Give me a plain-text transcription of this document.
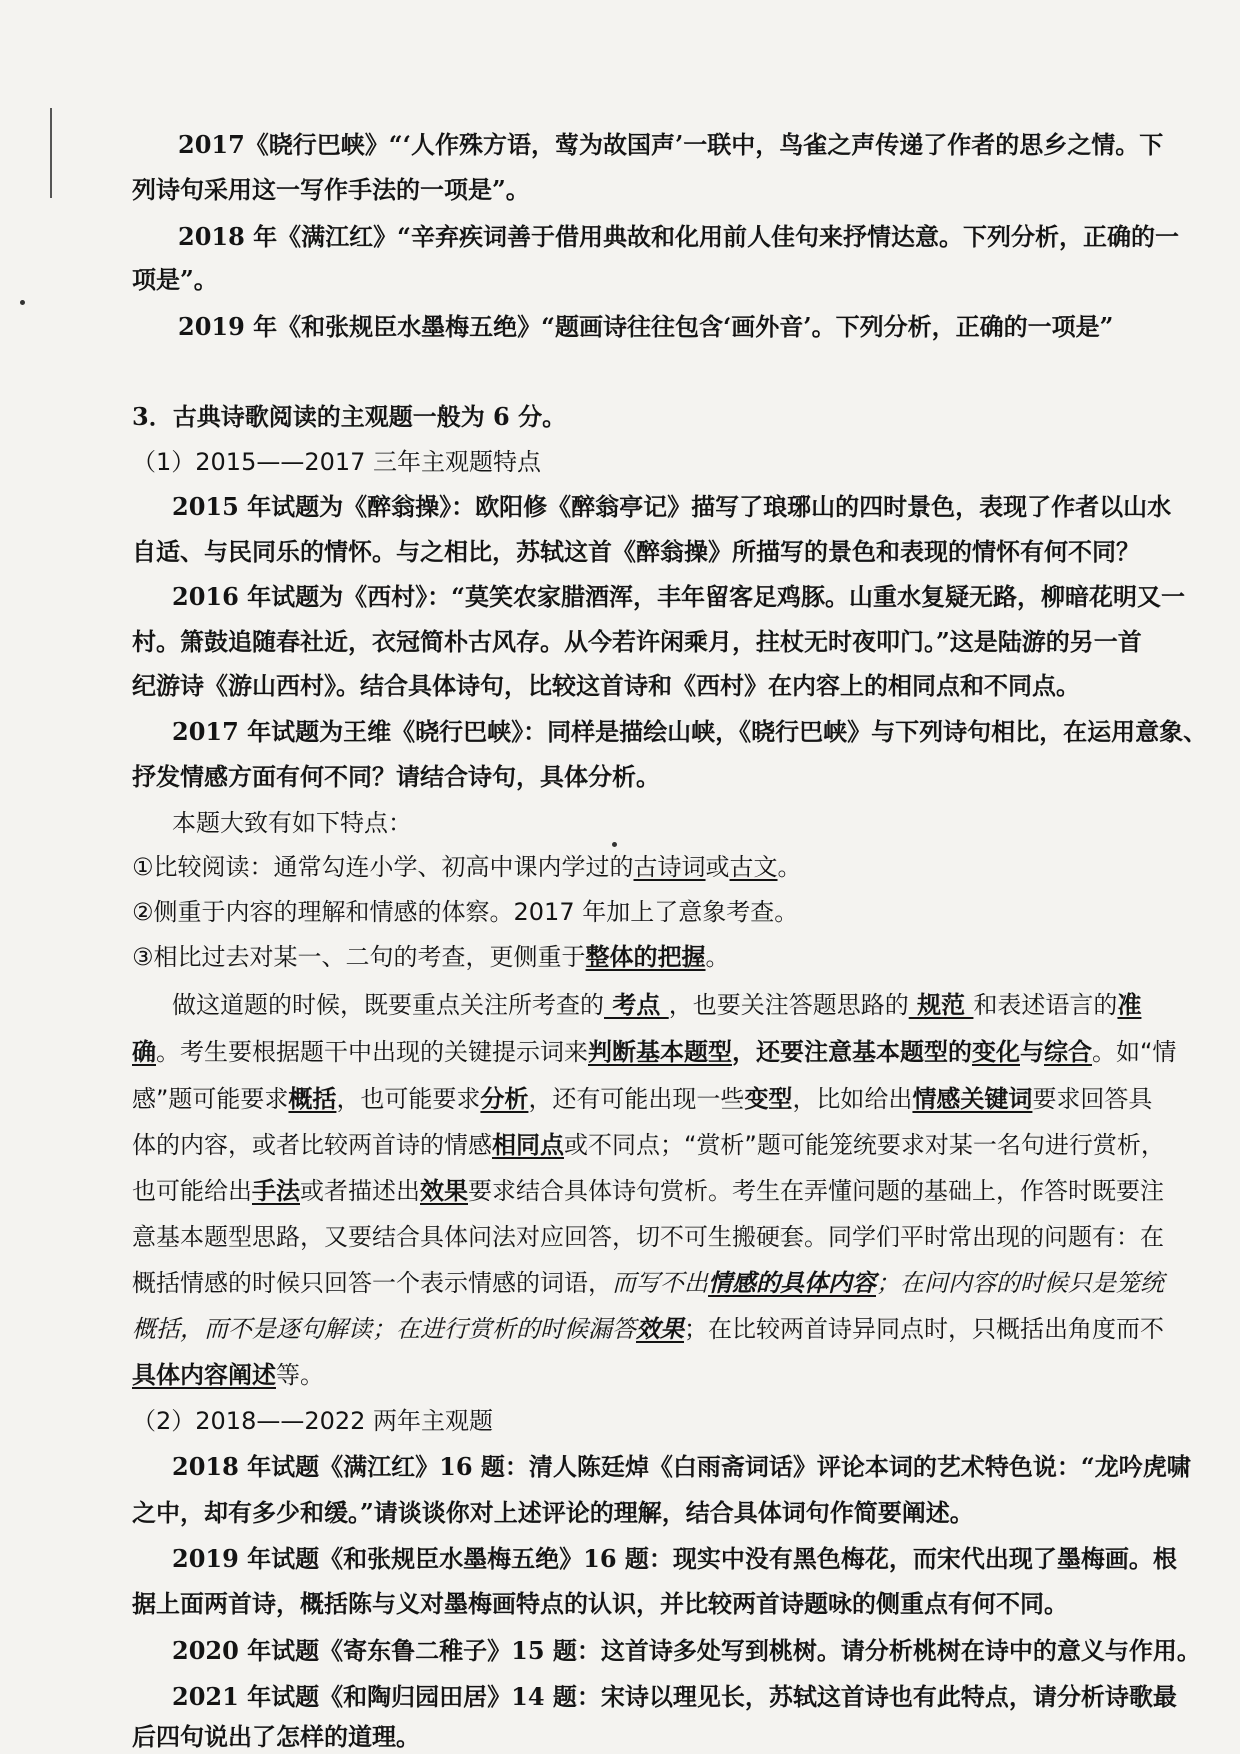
2017《晓行巴峡》“‘人作殊方语，莺为故国声’一联中，鸟雀之声传递了作者的思乡之情。下

列诗句采用这一写作手法的一项是”。

2018 年《满江红》“辛弃疾词善于借用典故和化用前人佳句来抒情达意。下列分析，正确的一

项是”。

2019 年《和张规臣水墨梅五绝》“题画诗往往包含‘画外音’。下列分析，正确的一项是”

3．古典诗歌阅读的主观题一般为 6 分。

（1）2015——2017 三年主观题特点

2015 年试题为《醉翁操》：欧阳修《醉翁亭记》描写了琅琊山的四时景色，表现了作者以山水

自适、与民同乐的情怀。与之相比，苏轼这首《醉翁操》所描写的景色和表现的情怀有何不同？

2016 年试题为《西村》：“莫笑农家腊酒浑，丰年留客足鸡豚。山重水复疑无路，柳暗花明又一

村。箫鼓追随春社近，衣冠简朴古风存。从今若许闲乘月，拄杖无时夜叩门。”这是陆游的另一首

纪游诗《游山西村》。结合具体诗句，比较这首诗和《西村》在内容上的相同点和不同点。

2017 年试题为王维《晓行巴峡》：同样是描绘山峡，《晓行巴峡》与下列诗句相比，在运用意象、

抒发情感方面有何不同？请结合诗句，具体分析。

本题大致有如下特点：

①比较阅读：通常勾连小学、初高中课内学过的古诗词或古文。

②侧重于内容的理解和情感的体察。2017 年加上了意象考查。

③相比过去对某一、二句的考查，更侧重于整体的把握。

做这道题的时候，既要重点关注所考查的 考点 ，也要关注答题思路的 规范 和表述语言的准

确。考生要根据题干中出现的关键提示词来判断基本题型，还要注意基本题型的变化与综合。如“情

感”题可能要求概括，也可能要求分析，还有可能出现一些变型，比如给出情感关键词要求回答具

体的内容，或者比较两首诗的情感相同点或不同点；“赏析”题可能笼统要求对某一名句进行赏析，

也可能给出手法或者描述出效果要求结合具体诗句赏析。考生在弄懂问题的基础上，作答时既要注

意基本题型思路，又要结合具体问法对应回答，切不可生搬硬套。同学们平时常出现的问题有：在

概括情感的时候只回答一个表示情感的词语，而写不出情感的具体内容；在问内容的时候只是笼统

概括，而不是逐句解读；在进行赏析的时候漏答效果；在比较两首诗异同点时，只概括出角度而不

具体内容阐述等。

（2）2018——2022 两年主观题

2018 年试题《满江红》16 题：清人陈廷焯《白雨斋词话》评论本词的艺术特色说：“龙吟虎啸

之中，却有多少和缓。”请谈谈你对上述评论的理解，结合具体词句作简要阐述。

2019 年试题《和张规臣水墨梅五绝》16 题：现实中没有黑色梅花，而宋代出现了墨梅画。根

据上面两首诗，概括陈与义对墨梅画特点的认识，并比较两首诗题咏的侧重点有何不同。

2020 年试题《寄东鲁二稚子》15 题：这首诗多处写到桃树。请分析桃树在诗中的意义与作用。

2021 年试题《和陶归园田居》14 题：宋诗以理见长，苏轼这首诗也有此特点，请分析诗歌最

后四句说出了怎样的道理。
